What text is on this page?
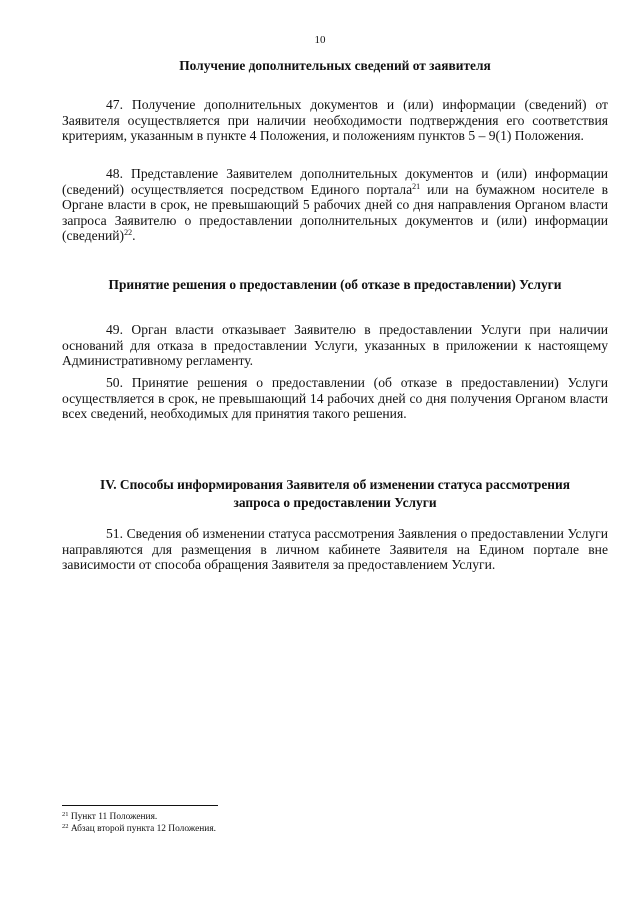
10
Получение дополнительных сведений от заявителя

47. Получение дополнительных документов и (или) информации (сведений) от Заявителя осуществляется при наличии необходимости подтверждения его соответствия критериям, указанным в пункте 4 Положения, и положениям пунктов 5 – 9(1) Положения.

48. Представление Заявителем дополнительных документов и (или) информации (сведений) осуществляется посредством Единого портала$^{21}$ или на бумажном носителе в Органе власти в срок, не превышающий 5 рабочих дней со дня направления Органом власти запроса Заявителю о предоставлении дополнительных документов и (или) информации (сведений)$^{22}$.

Принятие решения о предоставлении (об отказе в предоставлении) Услуги

49. Орган власти отказывает Заявителю в предоставлении Услуги при наличии оснований для отказа в предоставлении Услуги, указанных в приложении к настоящему Административному регламенту.

50. Принятие решения о предоставлении (об отказе в предоставлении) Услуги осуществляется в срок, не превышающий 14 рабочих дней со дня получения Органом власти всех сведений, необходимых для принятия такого решения.

IV. Способы информирования Заявителя об изменении статуса рассмотрения
запроса о предоставлении Услуги

51. Сведения об изменении статуса рассмотрения Заявления о предоставлении Услуги направляются для размещения в личном кабинете Заявителя на Едином портале вне зависимости от способа обращения Заявителя за предоставлением Услуги.

$^{21}$ Пункт 11 Положения.
$^{22}$ Абзац второй пункта 12 Положения.
